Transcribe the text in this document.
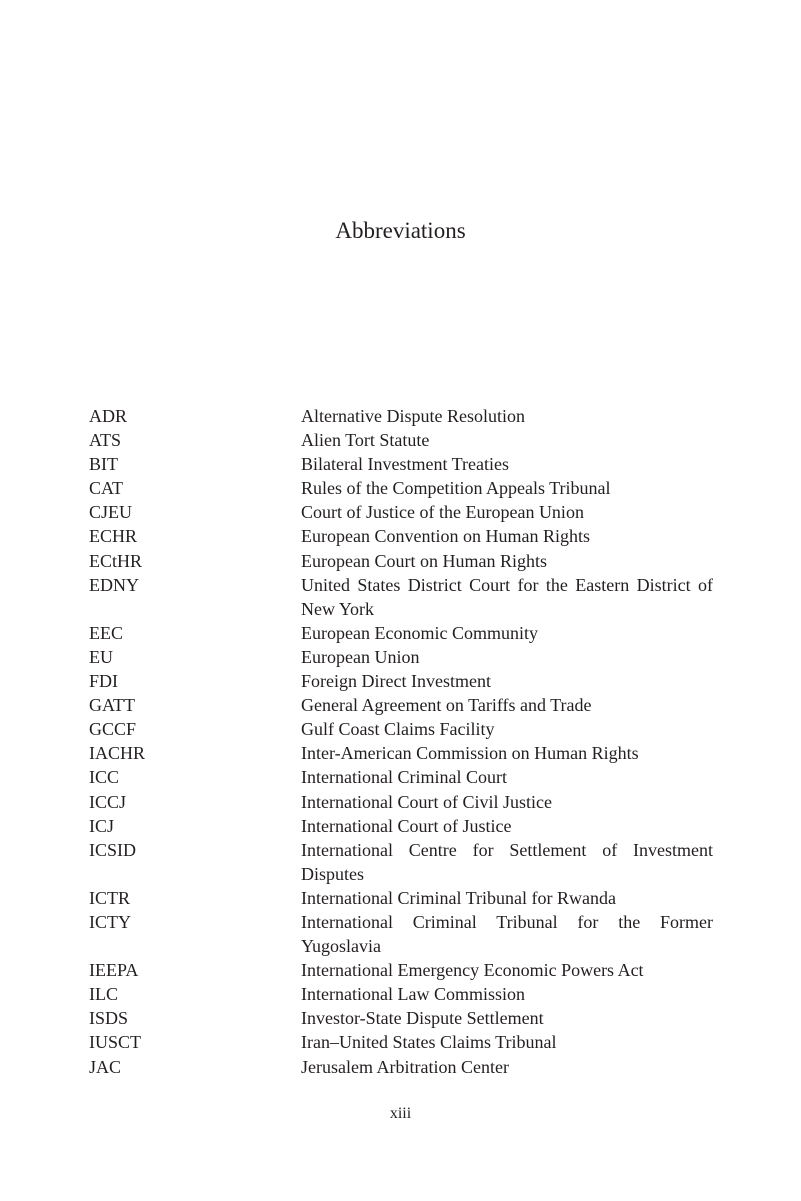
Abbreviations
ADR	Alternative Dispute Resolution
ATS	Alien Tort Statute
BIT	Bilateral Investment Treaties
CAT	Rules of the Competition Appeals Tribunal
CJEU	Court of Justice of the European Union
ECHR	European Convention on Human Rights
ECtHR	European Court on Human Rights
EDNY	United States District Court for the Eastern District of New York
EEC	European Economic Community
EU	European Union
FDI	Foreign Direct Investment
GATT	General Agreement on Tariffs and Trade
GCCF	Gulf Coast Claims Facility
IACHR	Inter-American Commission on Human Rights
ICC	International Criminal Court
ICCJ	International Court of Civil Justice
ICJ	International Court of Justice
ICSID	International Centre for Settlement of Investment Disputes
ICTR	International Criminal Tribunal for Rwanda
ICTY	International Criminal Tribunal for the Former Yugoslavia
IEEPA	International Emergency Economic Powers Act
ILC	International Law Commission
ISDS	Investor-State Dispute Settlement
IUSCT	Iran–United States Claims Tribunal
JAC	Jerusalem Arbitration Center
xiii
